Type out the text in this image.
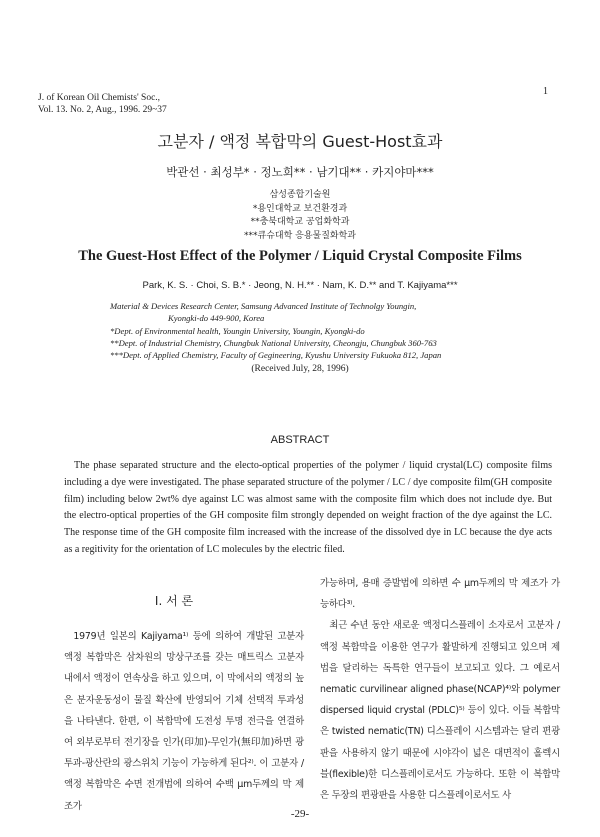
J. of Korean Oil Chemists' Soc.,
Vol. 13. No. 2, Aug., 1996. 29~37
1
고분자 / 액정 복합막의 Guest-Host효과
박관선 · 최성부* · 정노희** · 남기대** · 카지야마***
삼성종합기술원
*용인대학교 보건환경과
**충북대학교 공업화학과
***큐슈대학 응용물질화학과
The Guest-Host Effect of the Polymer / Liquid Crystal Composite Films
Park, K. S. · Choi, S. B.* · Jeong, N. H.** · Nam, K. D.** and T. Kajiyama***
Material & Devices Research Center, Samsung Advanced Institute of Technolgy Youngin,
Kyongki-do 449-900, Korea
*Dept. of Environmental health, Youngin University, Youngin, Kyongki-do
**Dept. of Industrial Chemistry, Chungbuk National University, Cheongju, Chungbuk 360-763
***Dept. of Applied Chemistry, Faculty of Gegineering, Kyushu University Fukuoka 812, Japan
(Received July, 28, 1996)
ABSTRACT
The phase separated structure and the electo-optical properties of the polymer / liquid crystal(LC) composite films including a dye were investigated. The phase separated structure of the polymer / LC / dye composite film(GH composite film) including below 2wt% dye against LC was almost same with the composite film which does not include dye. But the electro-optical properties of the GH composite film strongly depended on weight fraction of the dye against the LC. The response time of the GH composite film increased with the increase of the dissolved dye in LC because the dye acts as a regitivity for the orientation of LC molecules by the electric filed.
I. 서 론
1979년 일본의 Kajiyama¹⁾ 등에 의하여 개발된 고분자 액정 복합막은 삼차원의 망상구조를 갖는 매트릭스 고분자 내에서 액정이 연속상을 하고 있으며, 이 막에서의 액정의 높은 분자운동성이 물질 확산에 반영되어 기체 선택적 투과성을 나타낸다. 한편, 이 복합막에 도전성 투명 전극을 연결하여 외부로부터 전기장을 인가(印加)-무인가(無印加)하면 광투과-광산란의 광스위치 기능이 가능하게 된다²⁾. 이 고분자 / 액정 복합막은 수면 전개법에 의하여 수백 μm두께의 막 제조가
가능하며, 용매 증발법에 의하면 수 μm두께의 막 제조가 가능하다³⁾.
최근 수년 동안 새로운 액정디스플레이 소자로서 고분자 / 액정 복합막을 이용한 연구가 활발하게 진행되고 있으며 제법을 달리하는 독특한 연구들이 보고되고 있다. 그 예로서 nematic curvilinear aligned phase(NCAP)⁴⁾와 polymer dispersed liquid crystal (PDLC)⁵⁾ 등이 있다. 이들 복합막은 twisted nematic(TN) 디스플레이 시스템과는 달리 편광판을 사용하지 않기 때문에 시야각이 넓은 대면적이 홀렉시블(flexible)한 디스플레이로서도 가능하다. 또한 이 복합막은 두장의 편광판을 사용한 디스플레이로서도 사
-29-
